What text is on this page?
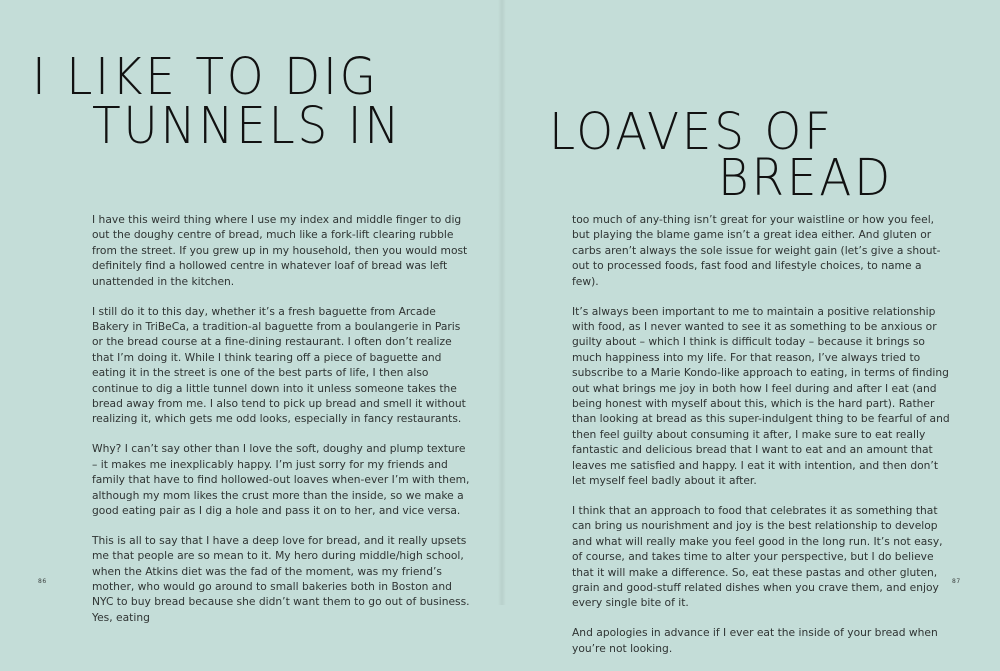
I LIKE TO DIG
TUNNELS IN	LOAVES OF
BREAD

I have this weird thing where I use my index and middle finger to dig out the doughy centre of bread, much like a fork-lift clearing rubble from the street. If you grew up in my household, then you would most definitely find a hollowed centre in whatever loaf of bread was left unattended in the kitchen.

I still do it to this day, whether it’s a fresh baguette from Arcade Bakery in TriBeCa, a tradition-al baguette from a boulangerie in Paris or the bread course at a fine-dining restaurant. I often don’t realize that I’m doing it. While I think tearing off a piece of baguette and eating it in the street is one of the best parts of life, I then also continue to dig a little tunnel down into it unless someone takes the bread away from me. I also tend to pick up bread and smell it without realizing it, which gets me odd looks, especially in fancy restaurants.

Why? I can’t say other than I love the soft, doughy and plump texture – it makes me inexplicably happy. I’m just sorry for my friends and family that have to find hollowed-out loaves when-ever I’m with them, although my mom likes the crust more than the inside, so we make a good eating pair as I dig a hole and pass it on to her, and vice versa.

This is all to say that I have a deep love for bread, and it really upsets me that people are so mean to it. My hero during middle/high school, when the Atkins diet was the fad of the moment, was my friend’s mother, who would go around to small bakeries both in Boston and NYC to buy bread because she didn’t want them to go out of business. Yes, eating

too much of any-thing isn’t great for your waistline or how you feel, but playing the blame game isn’t a great idea either. And gluten or carbs aren’t always the sole issue for weight gain (let’s give a shout-out to processed foods, fast food and lifestyle choices, to name a few).

It’s always been important to me to maintain a positive relationship with food, as I never wanted to see it as something to be anxious or guilty about – which I think is difficult today – because it brings so much happiness into my life. For that reason, I’ve always tried to subscribe to a Marie Kondo-like approach to eating, in terms of finding out what brings me joy in both how I feel during and after I eat (and being honest with myself about this, which is the hard part). Rather than looking at bread as this super-indulgent thing to be fearful of and then feel guilty about consuming it after, I make sure to eat really fantastic and delicious bread that I want to eat and an amount that leaves me satisfied and happy. I eat it with intention, and then don’t let myself feel badly about it after.

I think that an approach to food that celebrates it as something that can bring us nourishment and joy is the best relationship to develop and what will really make you feel good in the long run. It’s not easy, of course, and takes time to alter your perspective, but I do believe that it will make a difference. So, eat these pastas and other gluten, grain and good-stuff related dishes when you crave them, and enjoy every single bite of it.

And apologies in advance if I ever eat the inside of your bread when you’re not looking.

86	87
